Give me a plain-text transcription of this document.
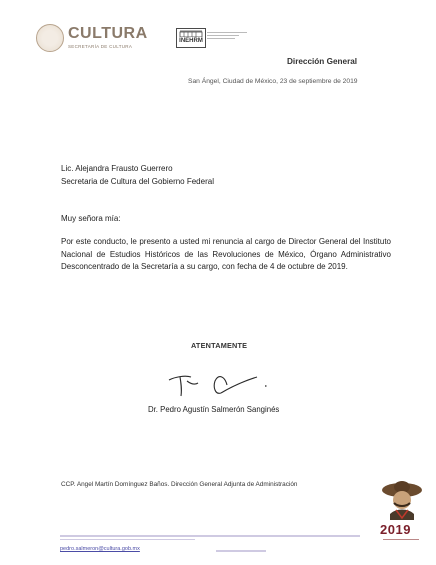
CULTURA
SECRETARÍA DE CULTURA
INEHRM
Dirección General
San Ángel, Ciudad de México, 23 de septiembre de 2019
Lic. Alejandra Frausto Guerrero
Secretaria de Cultura del Gobierno Federal
Muy señora mía:
Por este conducto, le presento a usted mi renuncia al cargo de Director General del Instituto Nacional de Estudios Históricos de las Revoluciones de México, Órgano Administrativo Desconcentrado de la Secretaría a su cargo, con fecha de 4 de octubre de 2019.
ATENTAMENTE
Dr. Pedro Agustín Salmerón Sanginés
CCP. Angel Martín Domínguez Baños. Dirección General Adjunta de Administración
pedro.salmeron@cultura.gob.mx
2019
